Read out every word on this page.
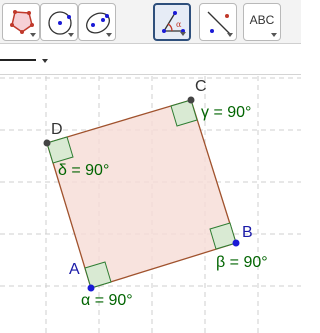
α	ABC
A
B
C
D
α = 90°
β = 90°
γ = 90°
δ = 90°
